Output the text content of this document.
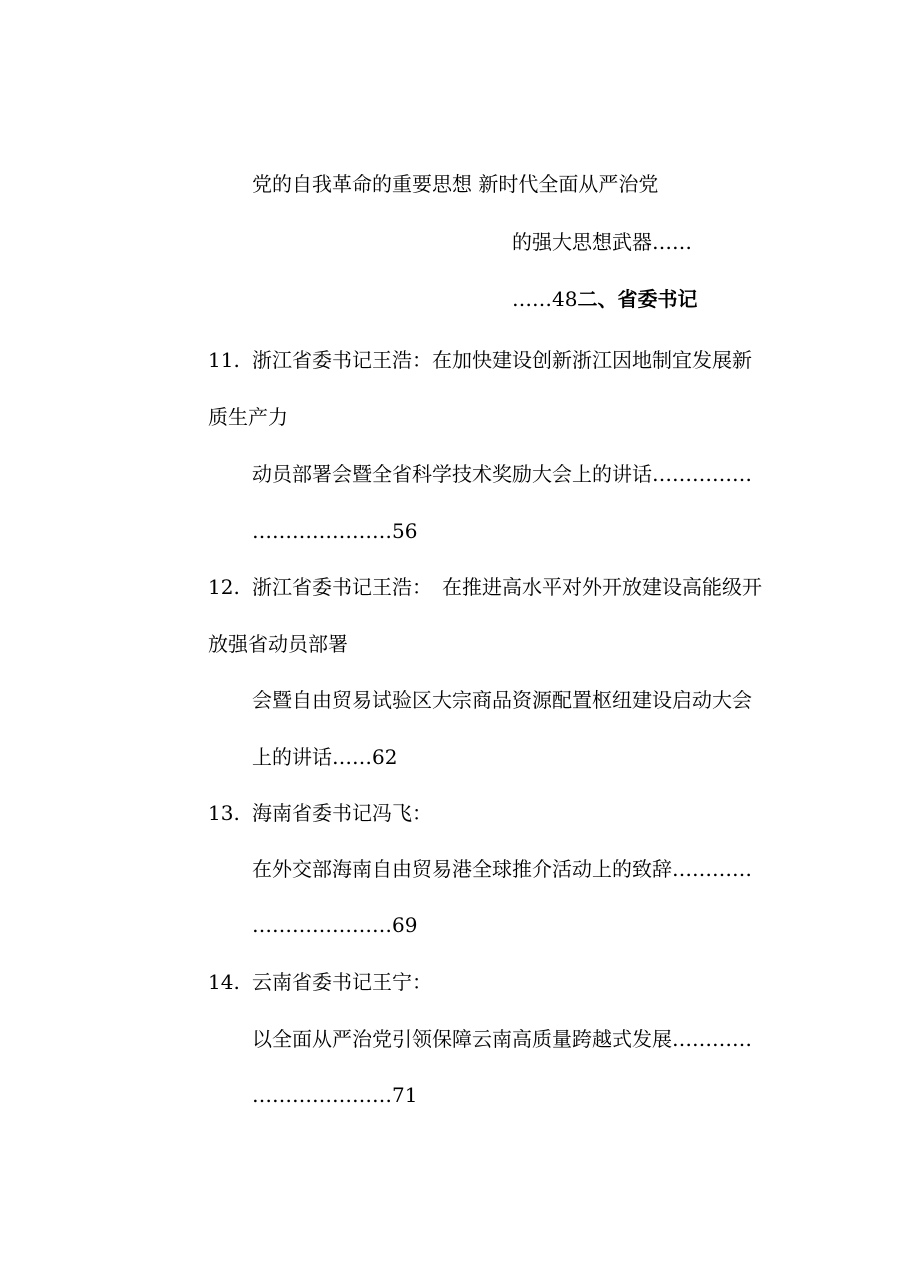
党的自我革命的重要思想 新时代全面从严治党
的强大思想武器……
……48二、省委书记
11. 浙江省委书记王浩：在加快建设创新浙江因地制宜发展新
质生产力
动员部署会暨全省科学技术奖励大会上的讲话……………
…………………56
12. 浙江省委书记王浩：　在推进高水平对外开放建设高能级开
放强省动员部署
会暨自由贸易试验区大宗商品资源配置枢纽建设启动大会
上的讲话……62
13. 海南省委书记冯飞：
在外交部海南自由贸易港全球推介活动上的致辞…………
…………………69
14. 云南省委书记王宁：
以全面从严治党引领保障云南高质量跨越式发展…………
…………………71
